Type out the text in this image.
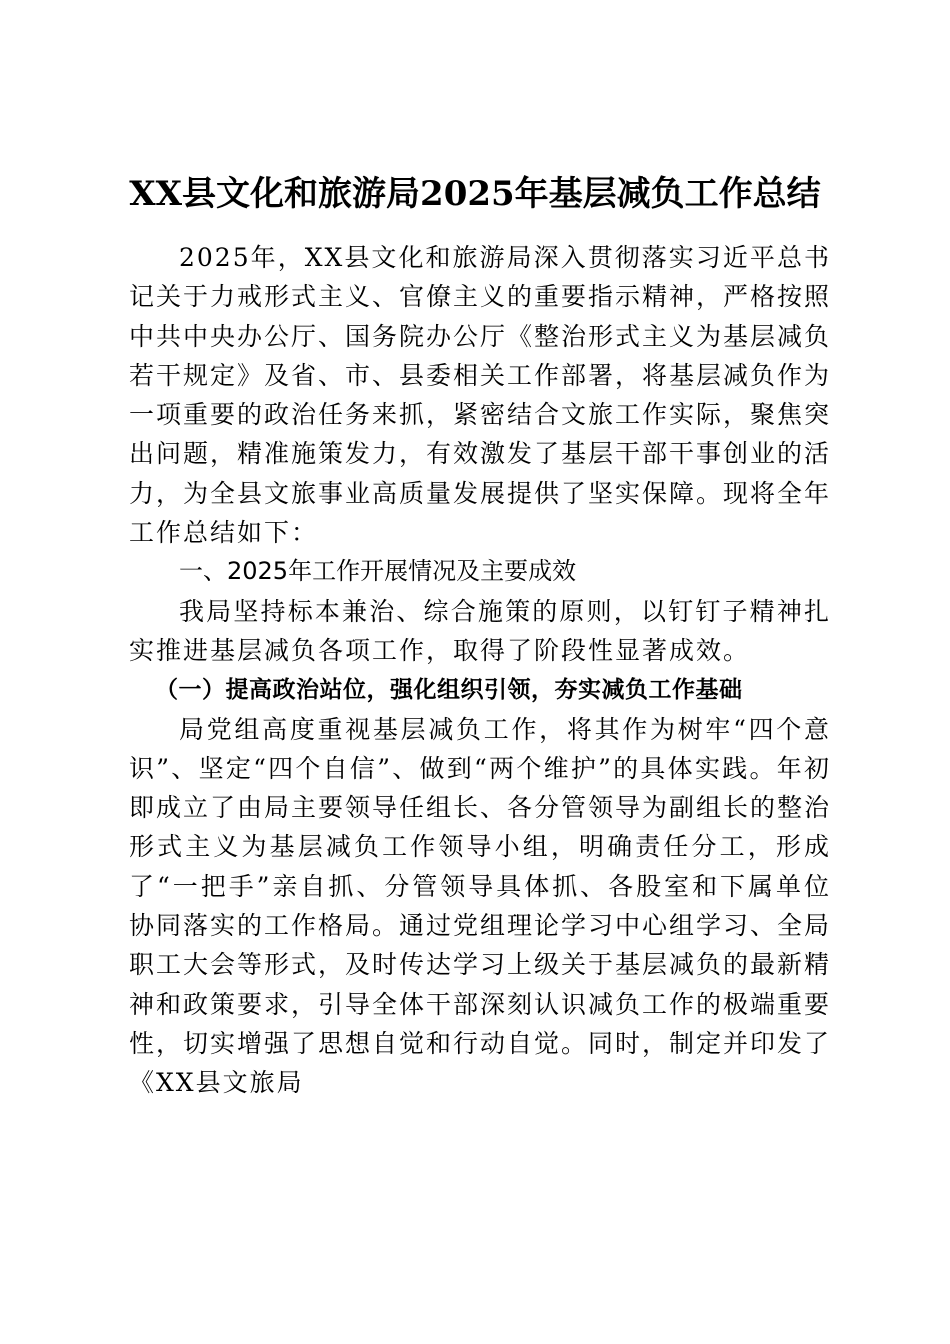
XX县文化和旅游局2025年基层减负工作总结

2025年，XX县文化和旅游局深入贯彻落实习近平总书记关于力戒形式主义、官僚主义的重要指示精神，严格按照中共中央办公厅、国务院办公厅《整治形式主义为基层减负若干规定》及省、市、县委相关工作部署，将基层减负作为一项重要的政治任务来抓，紧密结合文旅工作实际，聚焦突出问题，精准施策发力，有效激发了基层干部干事创业的活力，为全县文旅事业高质量发展提供了坚实保障。现将全年工作总结如下：

一、2025年工作开展情况及主要成效

我局坚持标本兼治、综合施策的原则，以钉钉子精神扎实推进基层减负各项工作，取得了阶段性显著成效。

（一）提高政治站位，强化组织引领，夯实减负工作基础

局党组高度重视基层减负工作，将其作为树牢“四个意识”、坚定“四个自信”、做到“两个维护”的具体实践。年初即成立了由局主要领导任组长、各分管领导为副组长的整治形式主义为基层减负工作领导小组，明确责任分工，形成了“一把手”亲自抓、分管领导具体抓、各股室和下属单位协同落实的工作格局。通过党组理论学习中心组学习、全局职工大会等形式，及时传达学习上级关于基层减负的最新精神和政策要求，引导全体干部深刻认识减负工作的极端重要性，切实增强了思想自觉和行动自觉。同时，制定并印发了《XX县文旅局
